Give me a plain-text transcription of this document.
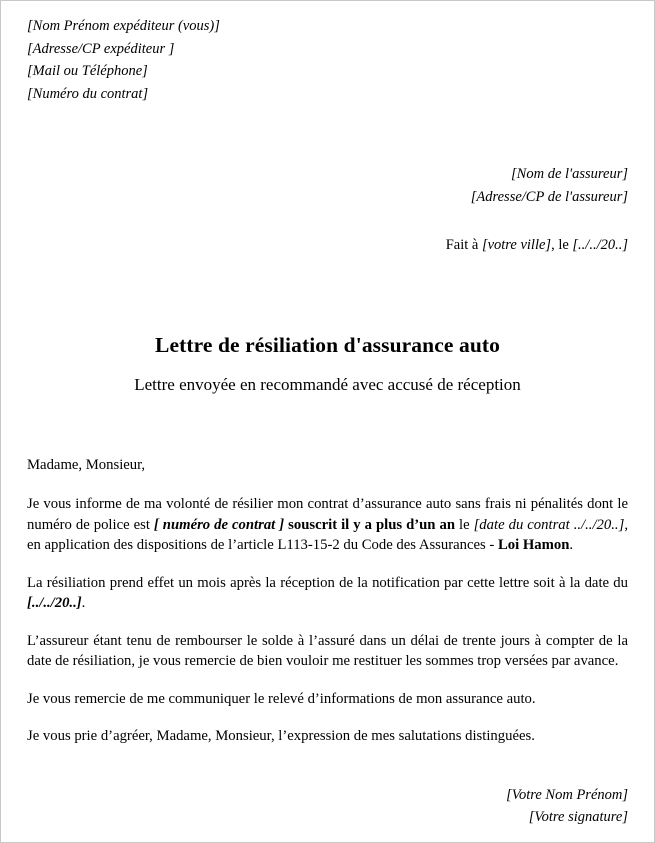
[Nom Prénom expéditeur (vous)]
[Adresse/CP expéditeur ]
[Mail ou Téléphone]
[Numéro du contrat]
[Nom de l'assureur]
[Adresse/CP de l'assureur]
Fait à [votre ville], le [../../20..]
Lettre de résiliation d'assurance auto
Lettre envoyée en recommandé avec accusé de réception
Madame, Monsieur,
Je vous informe de ma volonté de résilier mon contrat d’assurance auto sans frais ni pénalités dont le numéro de police est [ numéro de contrat ] souscrit il y a plus d’un an le [date du contrat ../../20..], en application des dispositions de l’article L113-15-2 du Code des Assurances - Loi Hamon.
La résiliation prend effet un mois après la réception de la notification par cette lettre soit à la date du [../../20..].
L’assureur étant tenu de rembourser le solde à l’assuré dans un délai de trente jours à compter de la date de résiliation, je vous remercie de bien vouloir me restituer les sommes trop versées par avance.
Je vous remercie de me communiquer le relevé d’informations de mon assurance auto.
Je vous prie d’agréer, Madame, Monsieur, l’expression de mes salutations distinguées.
[Votre Nom Prénom]
[Votre signature]
